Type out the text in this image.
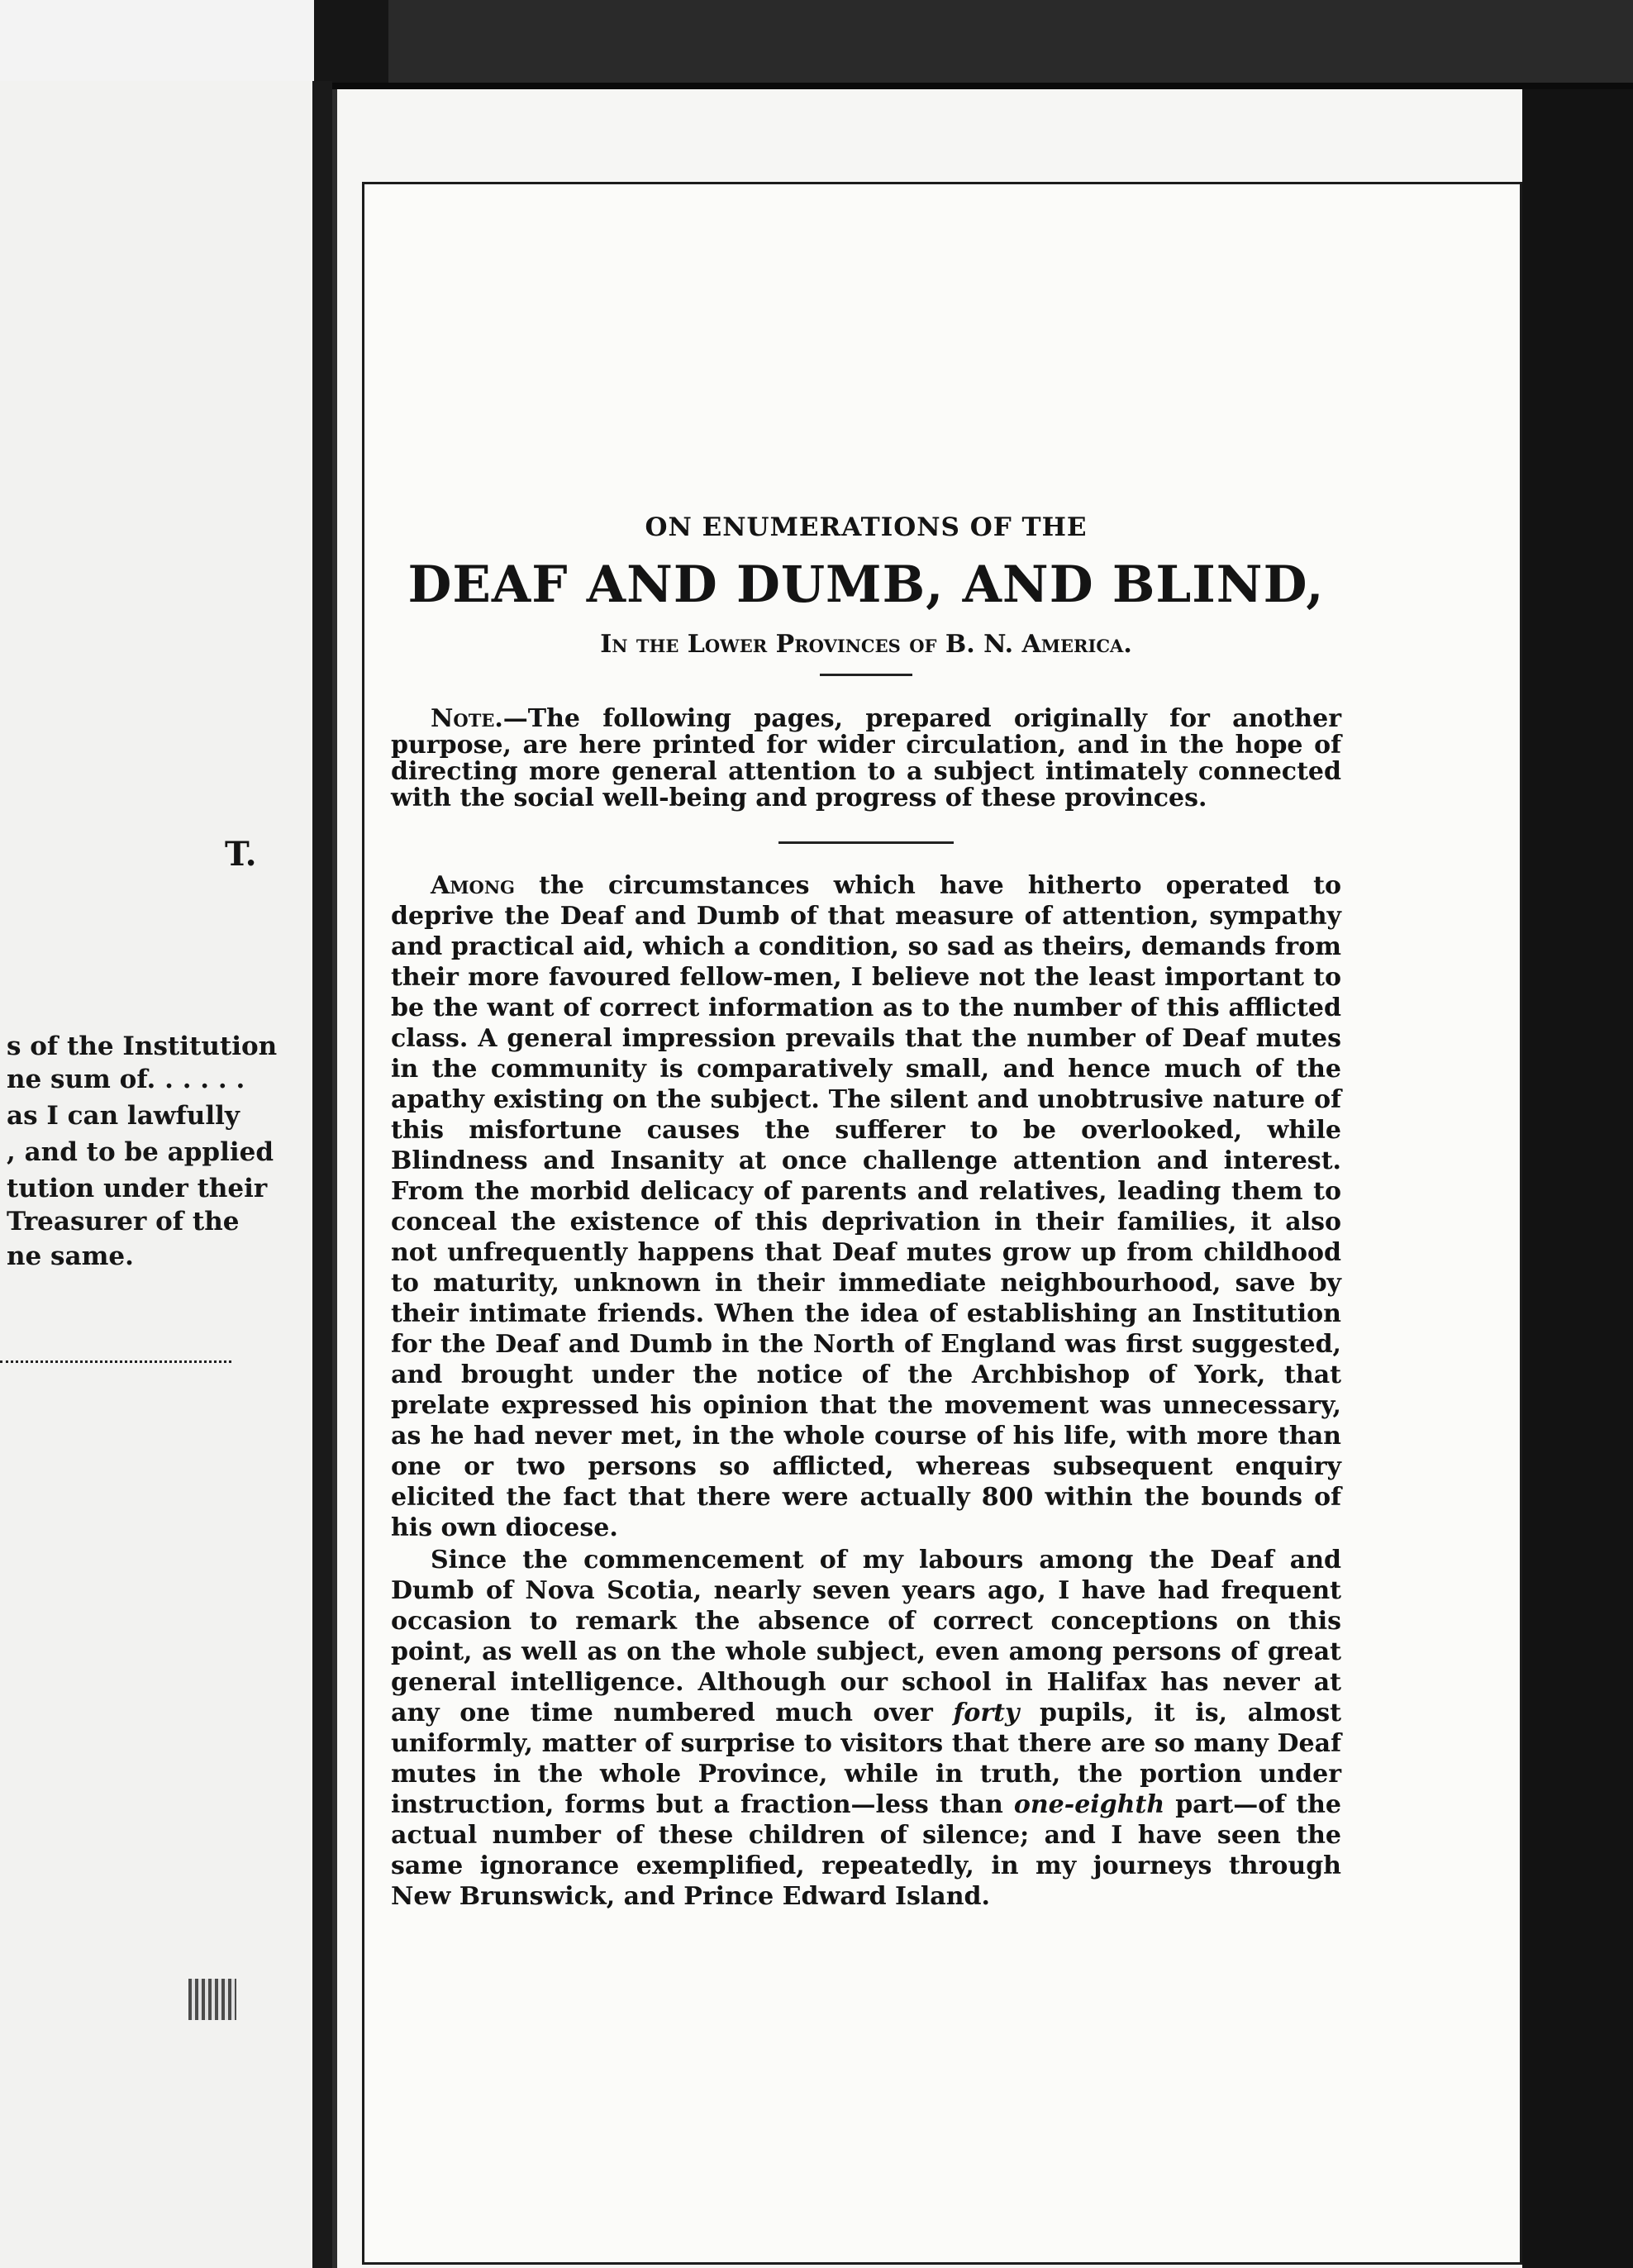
T.
s of the Institution
ne sum of. . . . . .
as I can lawfully
, and to be applied
tution under their
Treasurer of the
ne same.

ON ENUMERATIONS OF THE

DEAF AND DUMB, AND BLIND,

In the Lower Provinces of B. N. America.

Note.—The following pages, prepared originally for another purpose, are here printed for wider circulation, and in the hope of directing more general attention to a subject intimately connected with the social well-being and progress of these provinces.

Among the circumstances which have hitherto operated to deprive the Deaf and Dumb of that measure of attention, sympathy and practical aid, which a condition, so sad as theirs, demands from their more favoured fellow-men, I believe not the least important to be the want of correct information as to the number of this afflicted class. A general impression prevails that the number of Deaf mutes in the community is comparatively small, and hence much of the apathy existing on the subject. The silent and unobtrusive nature of this misfortune causes the sufferer to be overlooked, while Blindness and Insanity at once challenge attention and interest. From the morbid delicacy of parents and relatives, leading them to conceal the existence of this deprivation in their families, it also not unfrequently happens that Deaf mutes grow up from childhood to maturity, unknown in their immediate neighbourhood, save by their intimate friends. When the idea of establishing an Institution for the Deaf and Dumb in the North of England was first suggested, and brought under the notice of the Archbishop of York, that prelate expressed his opinion that the movement was unnecessary, as he had never met, in the whole course of his life, with more than one or two persons so afflicted, whereas subsequent enquiry elicited the fact that there were actually 800 within the bounds of his own diocese.

Since the commencement of my labours among the Deaf and Dumb of Nova Scotia, nearly seven years ago, I have had frequent occasion to remark the absence of correct conceptions on this point, as well as on the whole subject, even among persons of great general intelligence. Although our school in Halifax has never at any one time numbered much over forty pupils, it is, almost uniformly, matter of surprise to visitors that there are so many Deaf mutes in the whole Province, while in truth, the portion under instruction, forms but a fraction—less than one-eighth part—of the actual number of these children of silence; and I have seen the same ignorance exemplified, repeatedly, in my journeys through New Brunswick, and Prince Edward Island.
